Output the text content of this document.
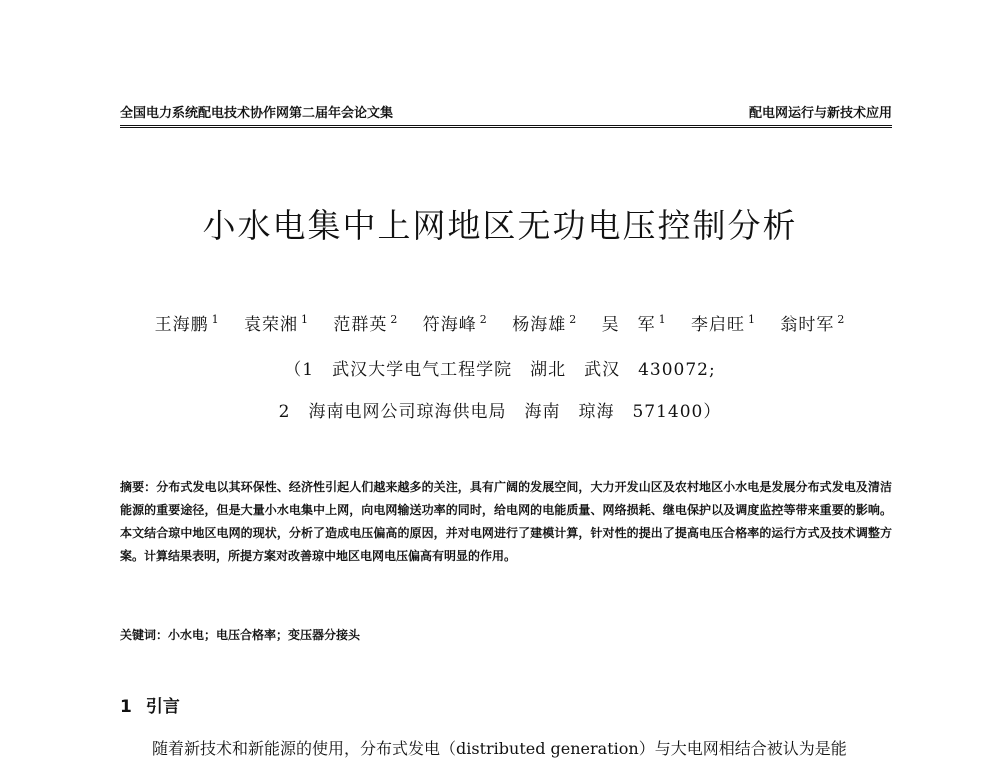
全国电力系统配电技术协作网第二届年会论文集	配电网运行与新技术应用
小水电集中上网地区无功电压控制分析
王海鹏 $^1$ 袁荣湘 $^1$ 范群英 $^2$ 符海峰 $^2$ 杨海雄 $^2$ 吴　军 $^1$ 李启旺 $^1$ 翁时军 $^2$
（1　武汉大学电气工程学院　湖北　武汉　430072;
2　海南电网公司琼海供电局　海南　琼海　571400）
摘要：分布式发电以其环保性、经济性引起人们越来越多的关注，具有广阔的发展空间，大力开发山区及农村地区小水电是发展分布式发电及清洁能源的重要途径，但是大量小水电集中上网，向电网输送功率的同时，给电网的电能质量、网络损耗、继电保护以及调度监控等带来重要的影响。本文结合琼中地区电网的现状，分析了造成电压偏高的原因，并对电网进行了建模计算，针对性的提出了提高电压合格率的运行方式及技术调整方案。计算结果表明，所提方案对改善琼中地区电网电压偏高有明显的作用。
关键词：小水电；电压合格率；变压器分接头
1 引言
随着新技术和新能源的使用，分布式发电（distributed generation）与大电网相结合被认为是能
